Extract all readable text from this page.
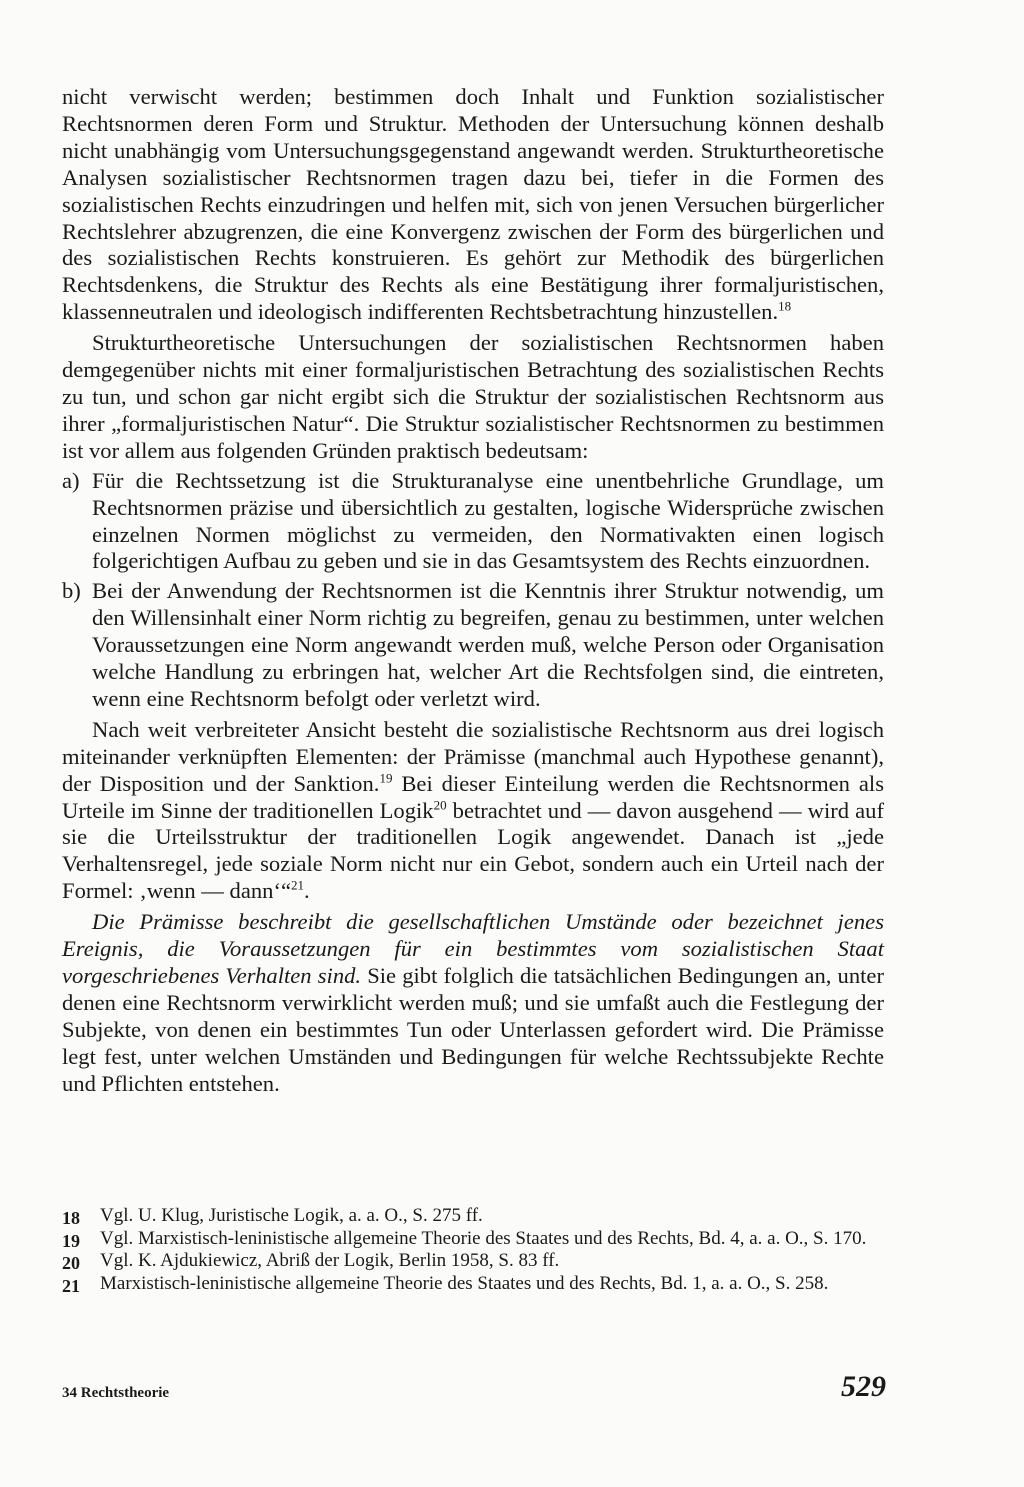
nicht verwischt werden; bestimmen doch Inhalt und Funktion sozialistischer Rechtsnormen deren Form und Struktur. Methoden der Untersuchung können deshalb nicht unabhängig vom Untersuchungsgegenstand angewandt werden. Strukturtheoretische Analysen sozialistischer Rechtsnormen tragen dazu bei, tiefer in die Formen des sozialistischen Rechts einzudringen und helfen mit, sich von jenen Versuchen bürgerlicher Rechtslehrer abzugrenzen, die eine Konvergenz zwischen der Form des bürgerlichen und des sozialistischen Rechts konstruieren. Es gehört zur Methodik des bürgerlichen Rechtsdenkens, die Struktur des Rechts als eine Bestätigung ihrer formaljuristischen, klassenneutralen und ideologisch indifferenten Rechtsbetrachtung hinzustellen.$^{18}$

Strukturtheoretische Untersuchungen der sozialistischen Rechtsnormen haben demgegenüber nichts mit einer formaljuristischen Betrachtung des sozialistischen Rechts zu tun, und schon gar nicht ergibt sich die Struktur der sozialistischen Rechtsnorm aus ihrer „formaljuristischen Natur“. Die Struktur sozialistischer Rechtsnormen zu bestimmen ist vor allem aus folgenden Gründen praktisch bedeutsam:

a) Für die Rechtssetzung ist die Strukturanalyse eine unentbehrliche Grundlage, um Rechtsnormen präzise und übersichtlich zu gestalten, logische Widersprüche zwischen einzelnen Normen möglichst zu vermeiden, den Normativakten einen logisch folgerichtigen Aufbau zu geben und sie in das Gesamtsystem des Rechts einzuordnen.
b) Bei der Anwendung der Rechtsnormen ist die Kenntnis ihrer Struktur notwendig, um den Willensinhalt einer Norm richtig zu begreifen, genau zu bestimmen, unter welchen Voraussetzungen eine Norm angewandt werden muß, welche Person oder Organisation welche Handlung zu erbringen hat, welcher Art die Rechtsfolgen sind, die eintreten, wenn eine Rechtsnorm befolgt oder verletzt wird.

Nach weit verbreiteter Ansicht besteht die sozialistische Rechtsnorm aus drei logisch miteinander verknüpften Elementen: der Prämisse (manchmal auch Hypothese genannt), der Disposition und der Sanktion.$^{19}$ Bei dieser Einteilung werden die Rechtsnormen als Urteile im Sinne der traditionellen Logik$^{20}$ betrachtet und — davon ausgehend — wird auf sie die Urteilsstruktur der traditionellen Logik angewendet. Danach ist „jede Verhaltensregel, jede soziale Norm nicht nur ein Gebot, sondern auch ein Urteil nach der Formel: ‚wenn — dann‘“$^{21}$.

Die Prämisse beschreibt die gesellschaftlichen Umstände oder bezeichnet jenes Ereignis, die Voraussetzungen für ein bestimmtes vom sozialistischen Staat vorgeschriebenes Verhalten sind. Sie gibt folglich die tatsächlichen Bedingungen an, unter denen eine Rechtsnorm verwirklicht werden muß; und sie umfaßt auch die Festlegung der Subjekte, von denen ein bestimmtes Tun oder Unterlassen gefordert wird. Die Prämisse legt fest, unter welchen Umständen und Bedingungen für welche Rechtssubjekte Rechte und Pflichten entstehen.

18 Vgl. U. Klug, Juristische Logik, a. a. O., S. 275 ff.
19 Vgl. Marxistisch-leninistische allgemeine Theorie des Staates und des Rechts, Bd. 4, a. a. O., S. 170.
20 Vgl. K. Ajdukiewicz, Abriß der Logik, Berlin 1958, S. 83 ff.
21 Marxistisch-leninistische allgemeine Theorie des Staates und des Rechts, Bd. 1, a. a. O., S. 258.
34 Rechtstheorie	529
